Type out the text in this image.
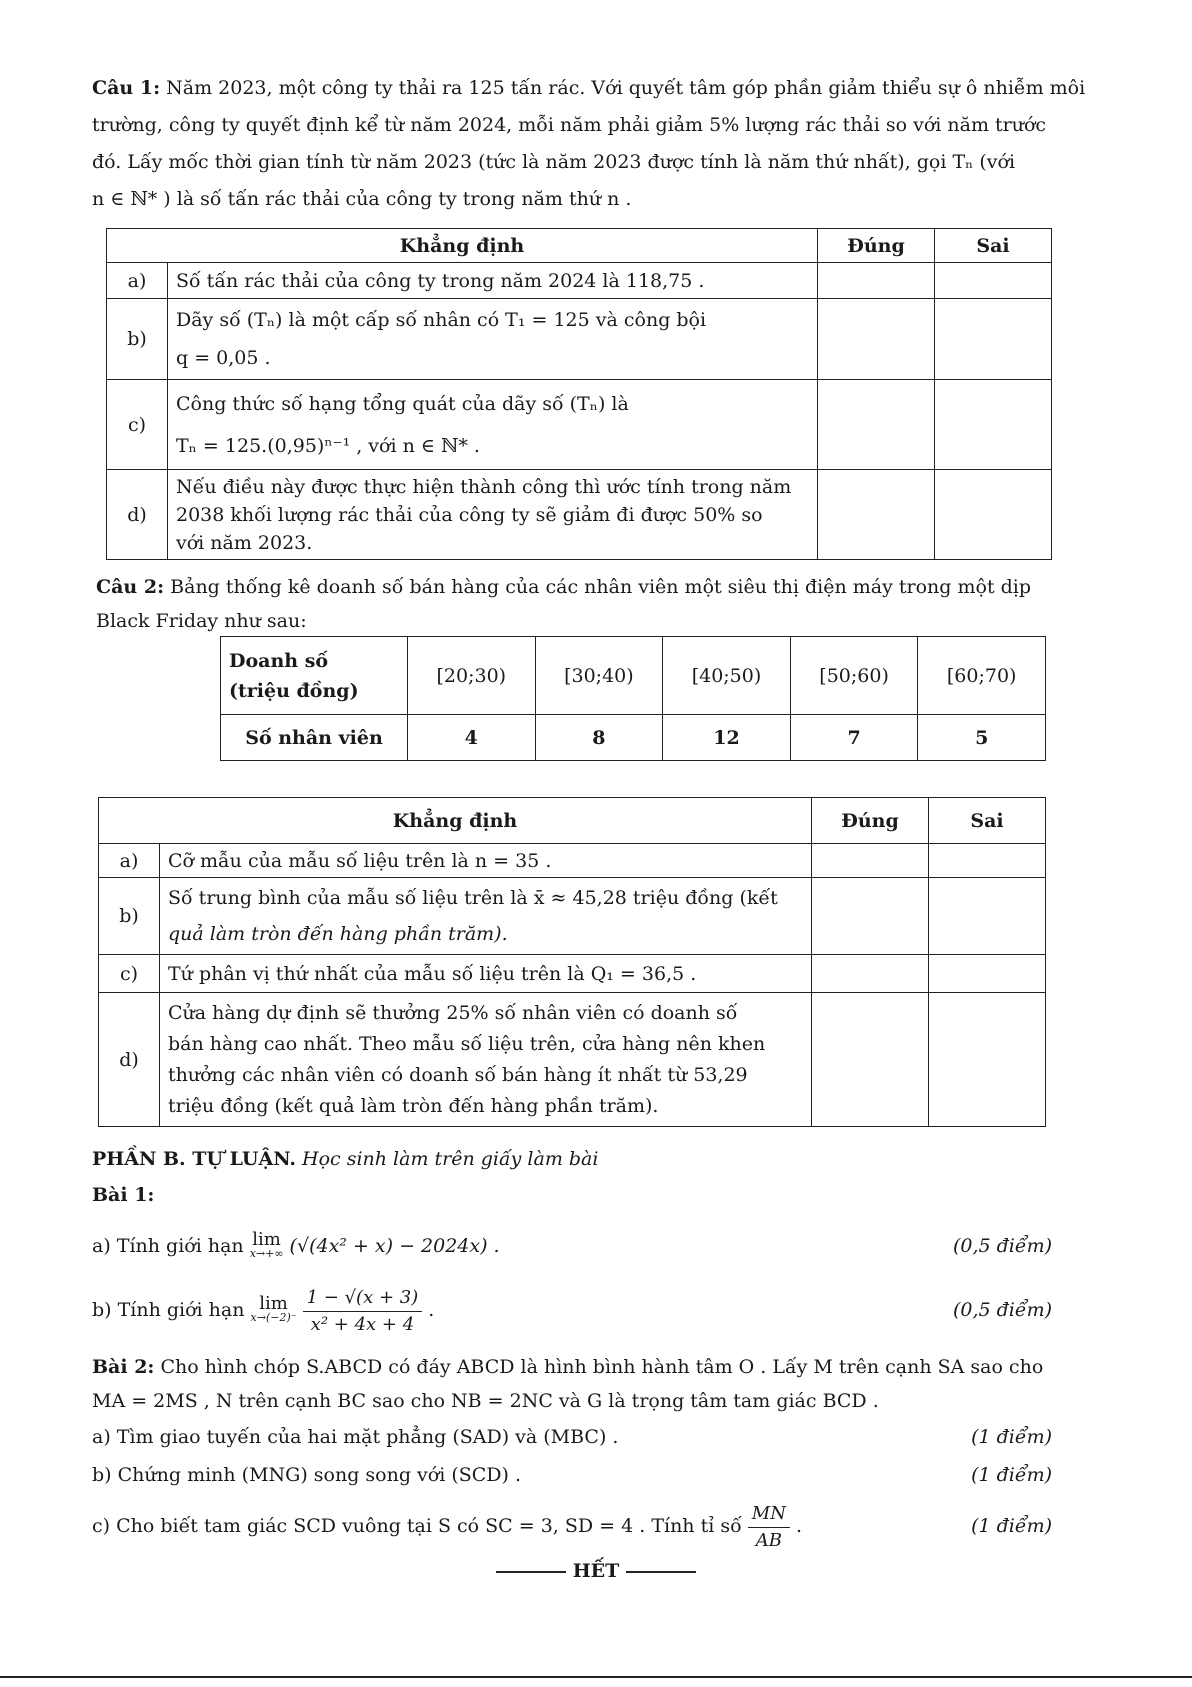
Câu 1: Năm 2023, một công ty thải ra 125 tấn rác. Với quyết tâm góp phần giảm thiểu sự ô nhiễm môi
trường, công ty quyết định kể từ năm 2024, mỗi năm phải giảm 5% lượng rác thải so với năm trước
đó. Lấy mốc thời gian tính từ năm 2023 (tức là năm 2023 được tính là năm thứ nhất), gọi Tₙ (với
n ∈ ℕ* ) là số tấn rác thải của công ty trong năm thứ n .
Khẳng định		Đúng	Sai
a)	Số tấn rác thải của công ty trong năm 2024 là 118,75 .		
b)	Dãy số (Tₙ) là một cấp số nhân có T₁ = 125 và công bội
q = 0,05 .		

c)	Công thức số hạng tổng quát của dãy số (Tₙ) là
Tₙ = 125.(0,95)ⁿ⁻¹ , với n ∈ ℕ* .		

d)	Nếu điều này được thực hiện thành công thì ước tính trong năm
2038 khối lượng rác thải của công ty sẽ giảm đi được 50% so
với năm 2023.		

Câu 2: Bảng thống kê doanh số bán hàng của các nhân viên một siêu thị điện máy trong một dịp
Black Friday như sau:
Doanh số
(triệu đồng)	[20;30)	[30;40)	[40;50)	[50;60)	[60;70)
Số nhân viên	4	8	12	7	5
Khẳng định		Đúng	Sai
a)	Cỡ mẫu của mẫu số liệu trên là n = 35 .		
b)	Số trung bình của mẫu số liệu trên là x̄ ≈ 45,28 triệu đồng (kết
quả làm tròn đến hàng phần trăm).		

c)	Tứ phân vị thứ nhất của mẫu số liệu trên là Q₁ = 36,5 .		
d)	Cửa hàng dự định sẽ thưởng 25% số nhân viên có doanh số
bán hàng cao nhất. Theo mẫu số liệu trên, cửa hàng nên khen
thưởng các nhân viên có doanh số bán hàng ít nhất từ 53,29
triệu đồng (kết quả làm tròn đến hàng phần trăm).		

PHẦN B. TỰ LUẬN. Học sinh làm trên giấy làm bài
Bài 1:
a) Tính giới hạn lim
x→+∞ (√(4x² + x) − 2024x) .	(0,5 điểm)
b) Tính giới hạn lim
x→(−2)⁻
$\frac{1 - √(x + 3)}{\text{x² + 4x + 4}}$ .	(0,5 điểm)
Bài 2: Cho hình chóp S.ABCD có đáy ABCD là hình bình hành tâm O . Lấy M trên cạnh SA sao cho
MA = 2MS , N trên cạnh BC sao cho NB = 2NC và G là trọng tâm tam giác BCD .
a) Tìm giao tuyến của hai mặt phẳng (SAD) và (MBC) .	(1 điểm)
b) Chứng minh (MNG) song song với (SCD) .	(1 điểm)
c) Cho biết tam giác SCD vuông tại S có SC = 3, SD = 4 . Tính tỉ số $\frac{MN}{AB}$ .	(1 điểm)
HẾT
